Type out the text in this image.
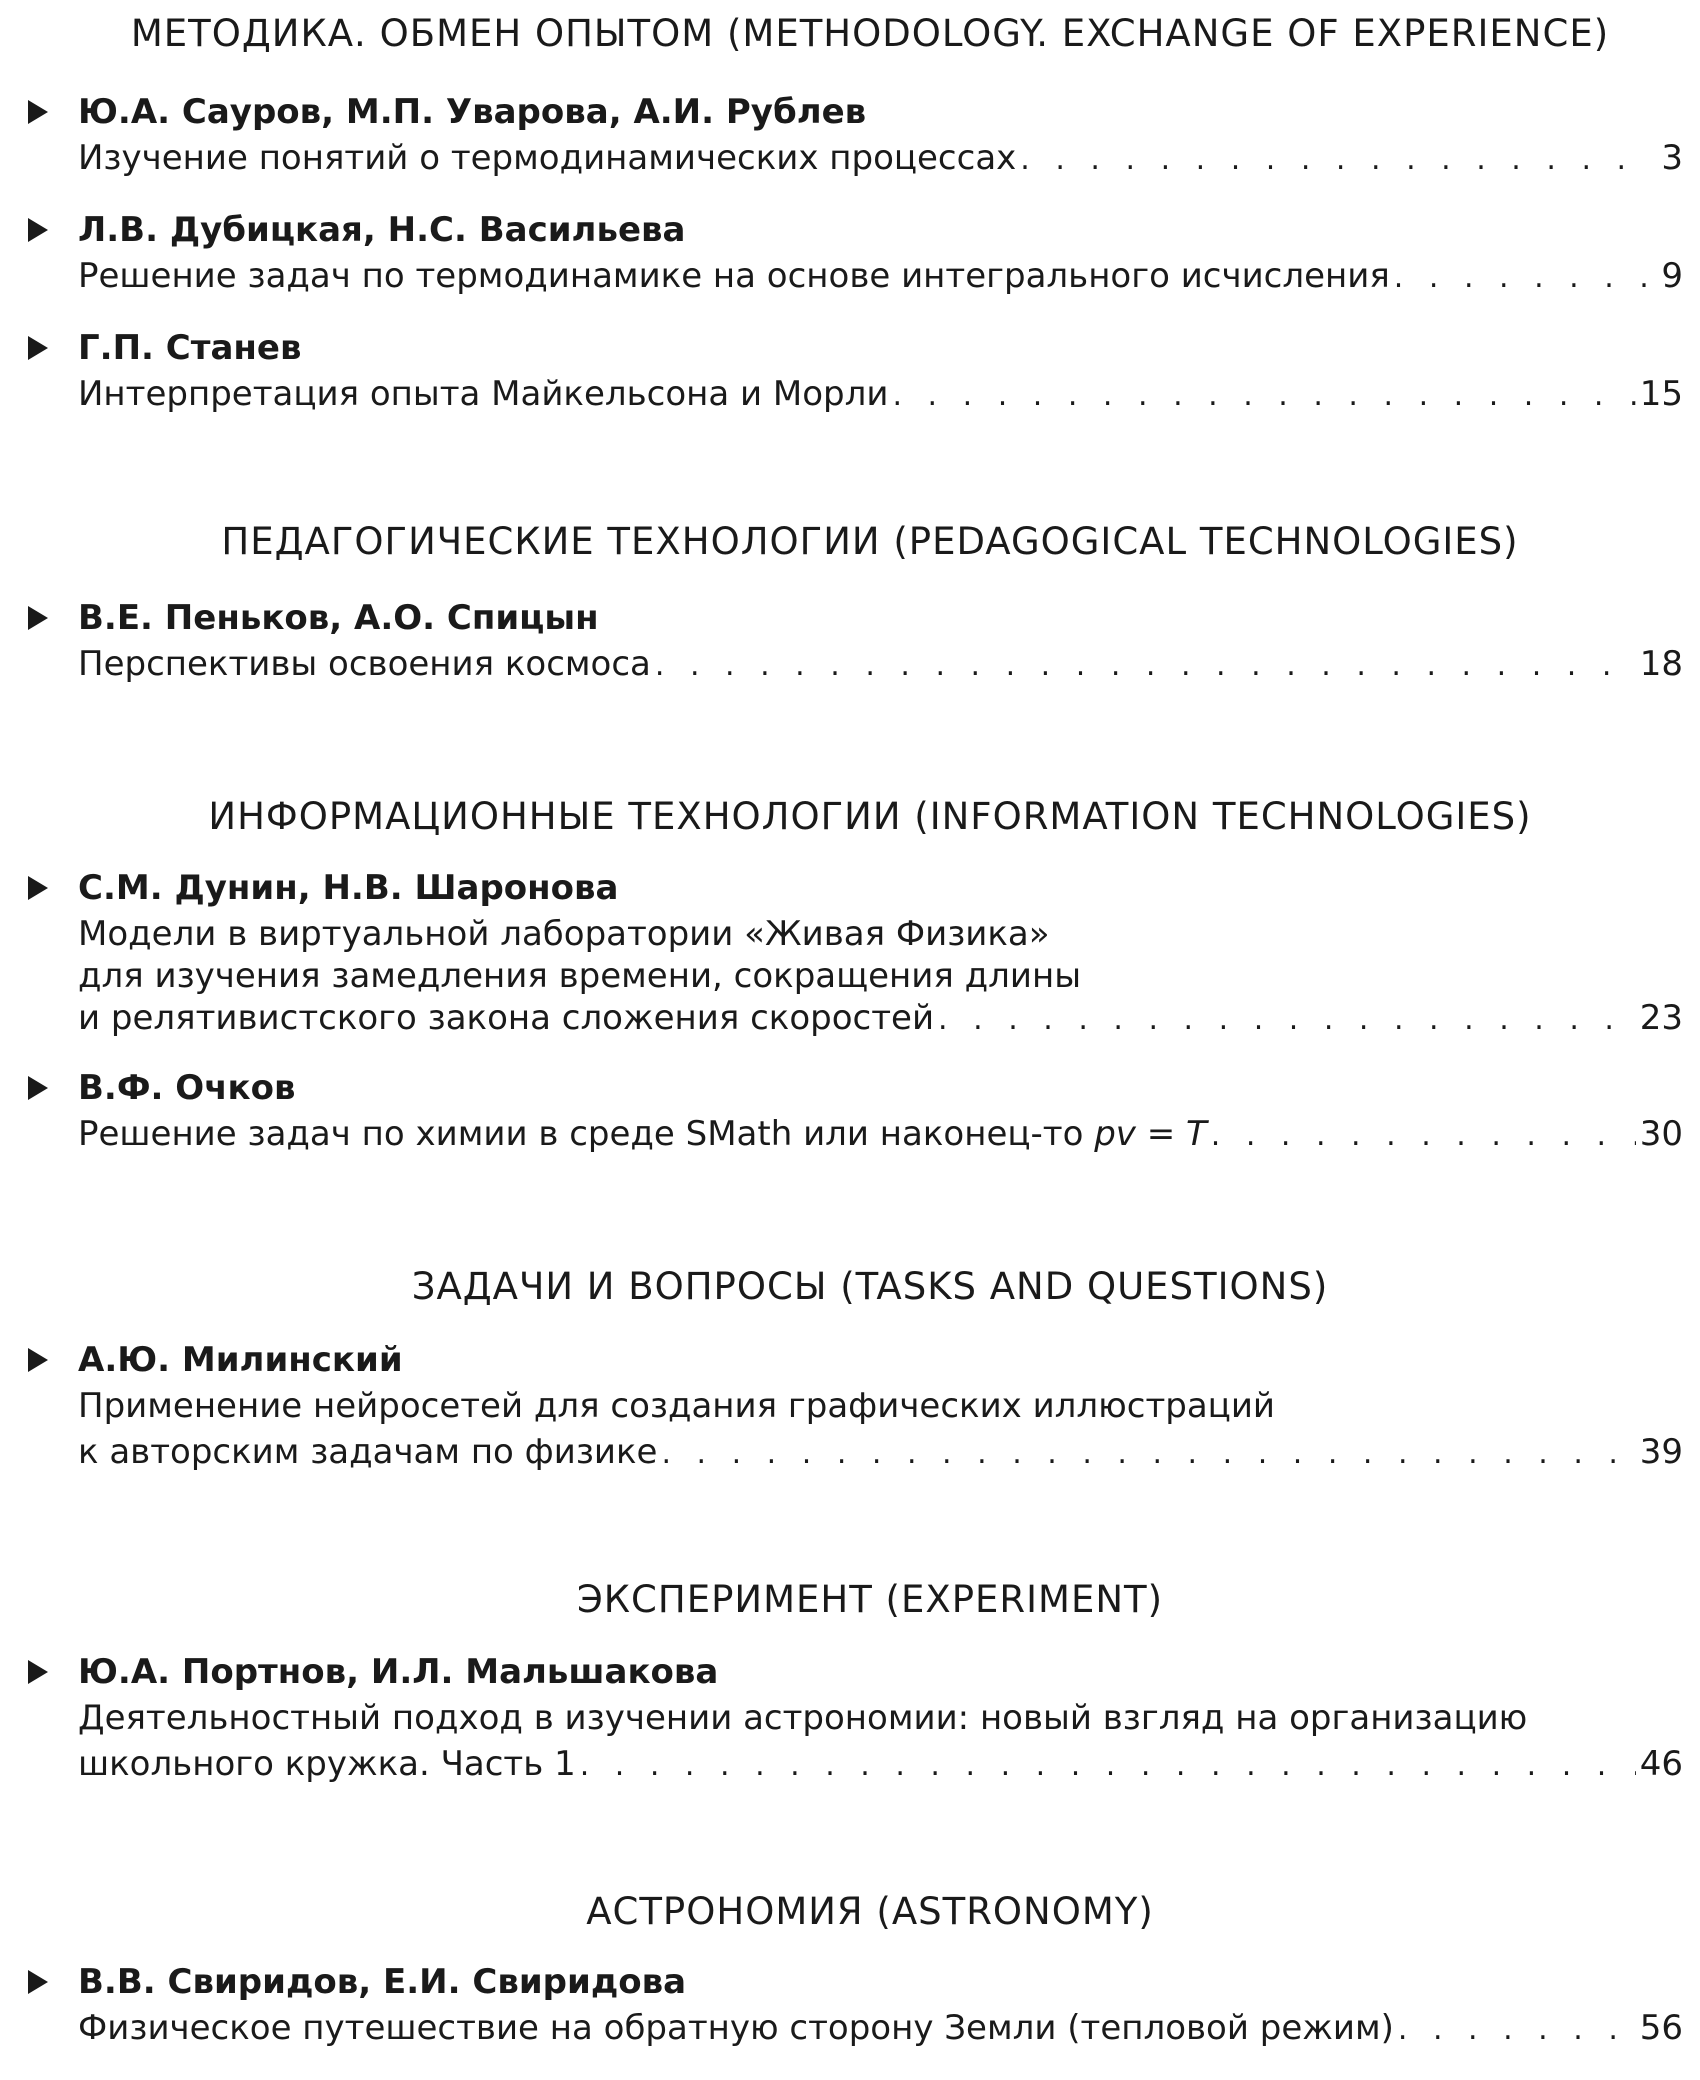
МЕТОДИКА. ОБМЕН ОПЫТОМ (METHODOLOGY. EXCHANGE OF EXPERIENCE)
Ю.А. Сауров, М.П. Уварова, А.И. Рублев
Изучение понятий о термодинамических процессах . . .	3
Л.В. Дубицкая, Н.С. Васильева
Решение задач по термодинамике на основе интегрального исчисления . . .	9
Г.П. Станев
Интерпретация опыта Майкельсона и Морли . . .	15
ПЕДАГОГИЧЕСКИЕ ТЕХНОЛОГИИ (PEDAGOGICAL TECHNOLOGIES)
В.Е. Пеньков, А.О. Спицын
Перспективы освоения космоса . . .	18
ИНФОРМАЦИОННЫЕ ТЕХНОЛОГИИ (INFORMATION TECHNOLOGIES)
С.М. Дунин, Н.В. Шаронова
Модели в виртуальной лаборатории «Живая Физика»
для изучения замедления времени, сокращения длины
и релятивистского закона сложения скоростей . . .	23
В.Ф. Очков
Решение задач по химии в среде SMath или наконец-то pv = T . . .	30
ЗАДАЧИ И ВОПРОСЫ (TASKS AND QUESTIONS)
А.Ю. Милинский
Применение нейросетей для создания графических иллюстраций
к авторским задачам по физике . . .	39
ЭКСПЕРИМЕНТ (EXPERIMENT)
Ю.А. Портнов, И.Л. Мальшакова
Деятельностный подход в изучении астрономии: новый взгляд на организацию
школьного кружка. Часть 1 . . .	46
АСТРОНОМИЯ (ASTRONOMY)
В.В. Свиридов, Е.И. Свиридова
Физическое путешествие на обратную сторону Земли (тепловой режим) . . .	56
